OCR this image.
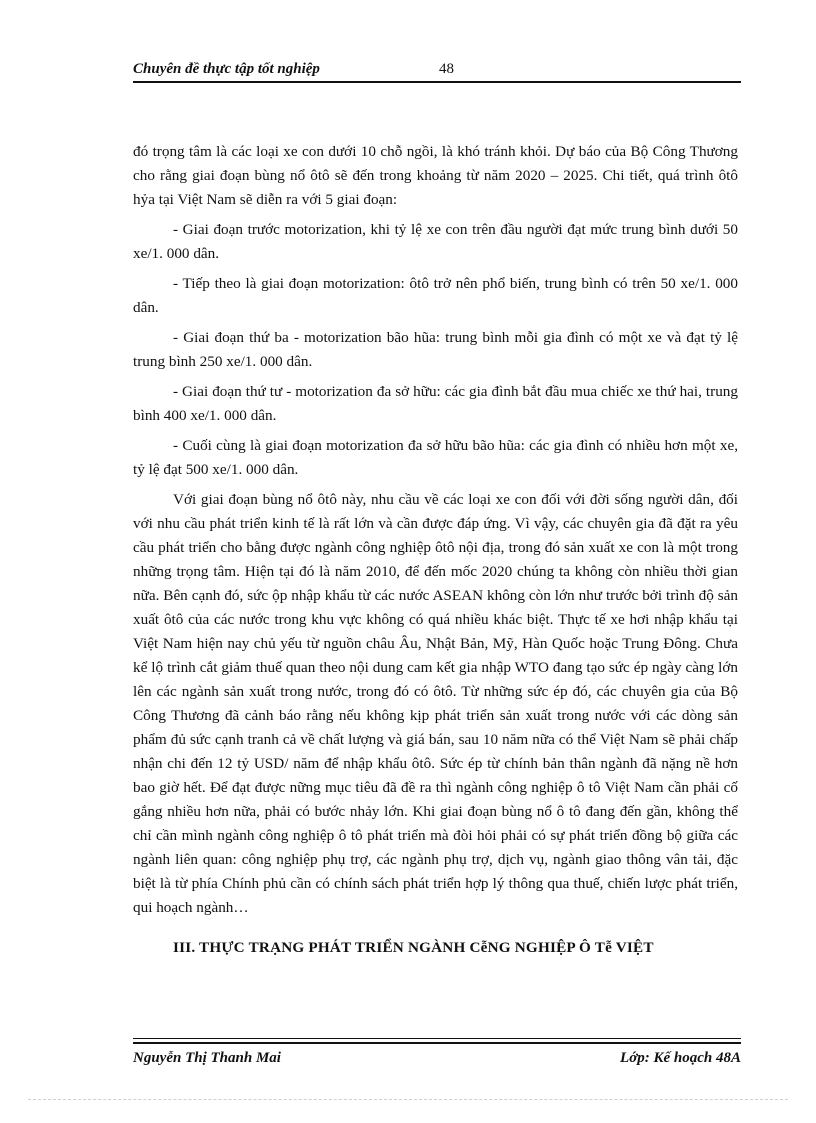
Chuyên đề thực tập tốt nghiệp	48

đó trọng tâm là các loại xe con dưới 10 chỗ ngồi, là khó tránh khỏi. Dự báo của Bộ Công Thương cho rằng giai đoạn bùng nổ ôtô sẽ đến trong khoảng từ năm 2020 – 2025. Chi tiết, quá trình ôtô hỷa tại Việt Nam sẽ diễn ra với 5 giai đoạn:

- Giai đoạn trước motorization, khi tỷ lệ xe con trên đầu người đạt mức trung bình dưới 50 xe/1. 000 dân.

- Tiếp theo là giai đoạn motorization: ôtô trở nên phổ biến, trung bình có trên 50 xe/1. 000 dân.

- Giai đoạn thứ ba - motorization bão hũa: trung bình mỗi gia đình có một xe và đạt tỷ lệ trung bình 250 xe/1. 000 dân.

- Giai đoạn thứ tư - motorization đa sở hữu: các gia đình bắt đầu mua chiếc xe thứ hai, trung bình 400 xe/1. 000 dân.

- Cuối cùng là giai đoạn motorization đa sở hữu bão hũa: các gia đình có nhiều hơn một xe, tỷ lệ đạt 500 xe/1. 000 dân.

Với giai đoạn bùng nổ ôtô này, nhu cầu về các loại xe con đối với đời sống người dân, đối với nhu cầu phát triển kinh tế là rất lớn và cần được đáp ứng. Vì vậy, các chuyên gia đã đặt ra yêu cầu phát triển cho bằng được ngành công nghiệp ôtô nội địa, trong đó sản xuất xe con là một trong những trọng tâm. Hiện tại đó là năm 2010, để đến mốc 2020 chúng ta không còn nhiều thời gian nữa. Bên cạnh đó, sức ộp nhập khẩu từ các nước ASEAN không còn lớn như trước bởi trình độ sản xuất ôtô của các nước trong khu vực không có quá nhiều khác biệt. Thực tế xe hơi nhập khẩu tại Việt Nam hiện nay chủ yếu từ nguồn châu Âu, Nhật Bản, Mỹ, Hàn Quốc hoặc Trung Đông. Chưa kể lộ trình cắt giảm thuế quan theo nội dung cam kết gia nhập WTO đang tạo sức ép ngày càng lớn lên các ngành sản xuất trong nước, trong đó có ôtô. Từ những sức ép đó, các chuyên gia của Bộ Công Thương đã cảnh báo rằng nếu không kịp phát triển sản xuất trong nước với các dòng sản phẩm đủ sức cạnh tranh cả về chất lượng và giá bán, sau 10 năm nữa có thể Việt Nam sẽ phải chấp nhận chi đến 12 tỷ USD/ năm để nhập khẩu ôtô. Sức ép từ chính bản thân ngành đã nặng nề hơn bao giờ hết. Để đạt được nững mục tiêu đã đề ra thì ngành công nghiệp ô tô Việt Nam cần phải cố gắng nhiều hơn nữa, phải có bước nhảy lớn. Khi giai đoạn bùng nổ ô tô đang đến gần, không thể chỉ cần mình ngành công nghiệp ô tô phát triển mà đòi hỏi phải có sự phát triển đồng bộ giữa các ngành liên quan: công nghiệp phụ trợ, các ngành phụ trợ, dịch vụ, ngành giao thông vân tải, đặc biệt là từ phía Chính phủ cần có chính sách phát triển hợp lý thông qua thuế, chiến lược phát triển, qui hoạch ngành…

III. THỰC TRẠNG PHÁT TRIỂN NGÀNH CễNG NGHIỆP Ô Tễ VIỆT

Nguyễn Thị Thanh Mai	Lớp: Kế hoạch 48A
